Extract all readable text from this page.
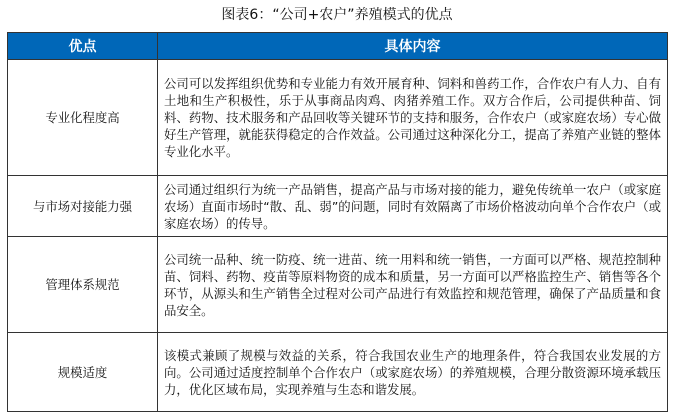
图表6：“公司+农户”养殖模式的优点
优点	具体内容
专业化程度高	公司可以发挥组织优势和专业能力有效开展育种、饲料和兽药工作，合作农户有人力、自有土地和生产积极性，乐于从事商品肉鸡、肉猪养殖工作。双方合作后，公司提供种苗、饲料、药物、技术服务和产品回收等关键环节的支持和服务，合作农户（或家庭农场）专心做好生产管理，就能获得稳定的合作效益。公司通过这种深化分工，提高了养殖产业链的整体专业化水平。
与市场对接能力强	公司通过组织行为统一产品销售，提高产品与市场对接的能力，避免传统单一农户（或家庭农场）直面市场时“散、乱、弱”的问题，同时有效隔离了市场价格波动向单个合作农户（或家庭农场）的传导。
管理体系规范	公司统一品种、统一防疫、统一进苗、统一用料和统一销售，一方面可以严格、规范控制种苗、饲料、药物、疫苗等原料物资的成本和质量，另一方面可以严格监控生产、销售等各个环节，从源头和生产销售全过程对公司产品进行有效监控和规范管理，确保了产品质量和食品安全。
规模适度	该模式兼顾了规模与效益的关系，符合我国农业生产的地理条件，符合我国农业发展的方向。公司通过适度控制单个合作农户（或家庭农场）的养殖规模，合理分散资源环境承载压力，优化区域布局，实现养殖与生态和谐发展。
